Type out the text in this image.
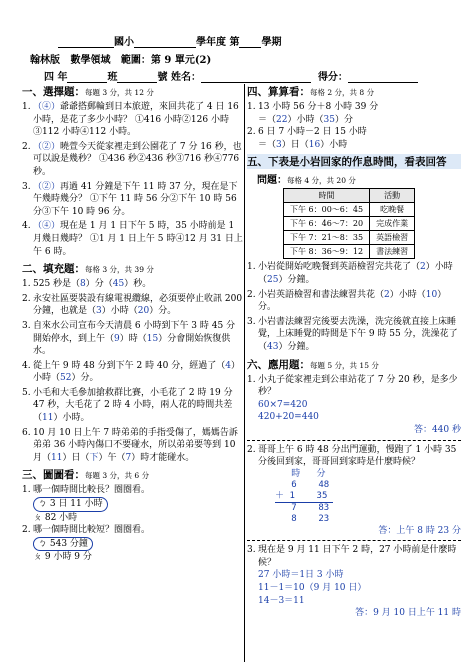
國小	學年度 第 學期
翰林版 數學領域 範圍：第 9 單元(2)
四 年	班	號 姓名：	得分：
一、選擇題：每題 3 分，共 12 分
1. （④）爺爺搭郵輪到日本旅遊，來回共花了 4 日 16 小時，是花了多少小時？ ①416 小時②126 小時③112 小時④112 小時。
2. （②）曉萱今天從家裡走到公園花了 7 分 16 秒，也可以說是幾秒？ ①436 秒②436 秒③716 秒④776 秒。
3. （②）再過 41 分鐘是下午 11 時 37 分，現在是下午幾時幾分？ ①下午 11 時 56 分②下午 10 時 56 分③下午 10 時 96 分。
4. （④）現在是 1 月 1 日下午 5 時，35 小時前是 1 月幾日幾時？ ①1 月 1 日上午 5 時④12 月 31 日上午 6 時。
二、填充題：每格 3 分，共 39 分
1. 525 秒是（8）分（45）秒。
2. 永安社區要裝設有線電視纜線，必須要停止收訊 200 分鐘，也就是（3）小時（20）分。
3. 自來水公司宣布今天清晨 6 小時到下午 3 時 45 分開始停水，到上午（9）時（15）分會開始恢復供水。
4. 從上午 9 時 48 分到下午 2 時 40 分，經過了（4）小時（52）分。
5. 小毛和大毛參加搶救群比賽，小毛花了 2 時 19 分 47 秒，大毛花了 2 時 4 小時，兩人花的時間共差（11）小時。
6. 10 月 10 日上午 7 時弟弟的手指受傷了，媽媽告訴弟弟 36 小時內傷口不要碰水，所以弟弟要等到 10 月（11）日（下）午（7）時才能碰水。
三、圖圖看：每題 3 分，共 6 分
1. 哪一個時間比較長？圈圈看。
ㄅ 3 日 11 小時
ㄆ 82 小時
2. 哪一個時間比較短？圈圈看。
ㄅ 543 分鐘
ㄆ 9 小時 9 分
四、算算看：每格 2 分，共 8 分
1. 13 小時 56 分＋8 小時 39 分
＝（22）小時（35）分
2. 6 日 7 小時－2 日 15 小時
＝（3）日（16）小時
五、下表是小岩回家的作息時間，看表回答
問題：每格 4 分，共 20 分
時間	活動
下午 6：00～6：45	吃晚餐
下午 6：46～7：20	完成作業
下午 7：21～8：35	英語檢習
下午 8：36～9：12	書法練習
1. 小岩從開始吃晚餐到英語檢習完共花了（2）小時（25）分鐘。
2. 小岩英語檢習和書法練習共花（2）小時（10）分。
3. 小岩書法練習完後要去洗澡，洗完後就直接上床睡覺，上床睡覺的時間是下午 9 時 55 分，洗澡花了（43）分鐘。
六、應用題：每題 5 分，共 15 分
1. 小丸子從家裡走到公車站花了 7 分 20 秒，是多少秒？
60×7=420
420+20=440
答：440 秒
2. 哥哥上午 6 時 48 分出門運動，慢跑了 1 小時 35 分後回到家，哥哥回到家時是什麼時候？
時 分
6 48
＋ 1 35
7 83
8 23
答：上午 8 時 23 分
3. 現在是 9 月 11 日下午 2 時，27 小時前是什麼時候？
27 小時＝1日 3 小時
11－1＝10（9 月 10 日）
14－3＝11
答：9 月 10 日上午 11 時
